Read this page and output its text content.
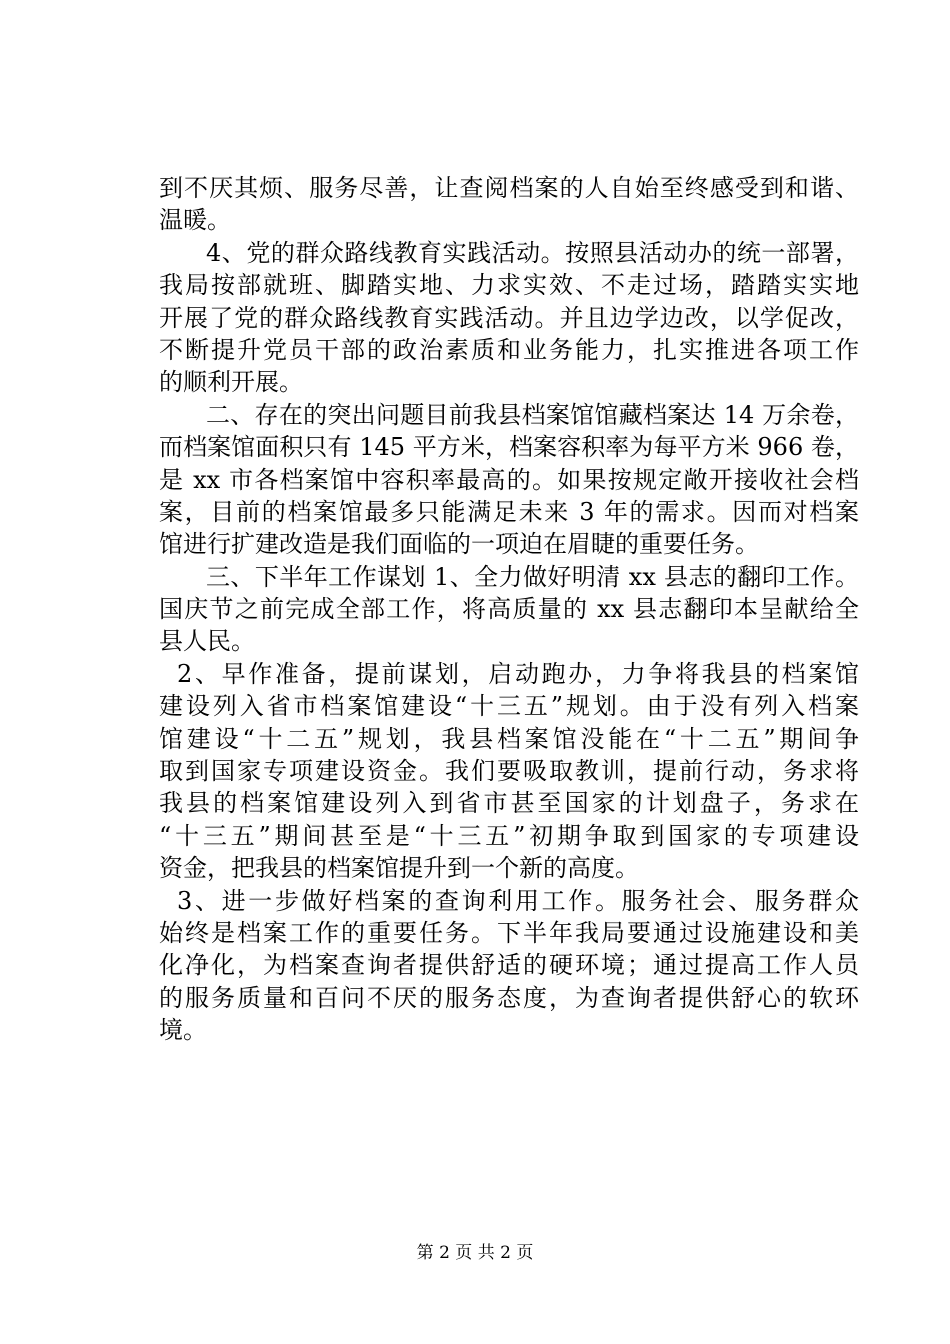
到不厌其烦、服务尽善，让查阅档案的人自始至终感受到和谐、
温暖。
4、党的群众路线教育实践活动。按照县活动办的统一部署，
我局按部就班、脚踏实地、力求实效、不走过场，踏踏实实地
开展了党的群众路线教育实践活动。并且边学边改，以学促改，
不断提升党员干部的政治素质和业务能力，扎实推进各项工作
的顺利开展。
二、存在的突出问题目前我县档案馆馆藏档案达 14 万余卷，
而档案馆面积只有 145 平方米，档案容积率为每平方米 966 卷，
是 xx 市各档案馆中容积率最高的。如果按规定敞开接收社会档
案，目前的档案馆最多只能满足未来 3 年的需求。因而对档案
馆进行扩建改造是我们面临的一项迫在眉睫的重要任务。
三、下半年工作谋划 1、全力做好明清 xx 县志的翻印工作。
国庆节之前完成全部工作，将高质量的 xx 县志翻印本呈献给全
县人民。
2、早作准备，提前谋划，启动跑办，力争将我县的档案馆
建设列入省市档案馆建设“十三五”规划。由于没有列入档案
馆建设“十二五”规划，我县档案馆没能在“十二五”期间争
取到国家专项建设资金。我们要吸取教训，提前行动，务求将
我县的档案馆建设列入到省市甚至国家的计划盘子，务求在
“十三五”期间甚至是“十三五”初期争取到国家的专项建设
资金，把我县的档案馆提升到一个新的高度。
3、进一步做好档案的查询利用工作。服务社会、服务群众
始终是档案工作的重要任务。下半年我局要通过设施建设和美
化净化，为档案查询者提供舒适的硬环境；通过提高工作人员
的服务质量和百问不厌的服务态度，为查询者提供舒心的软环
境。
第 2 页 共 2 页
